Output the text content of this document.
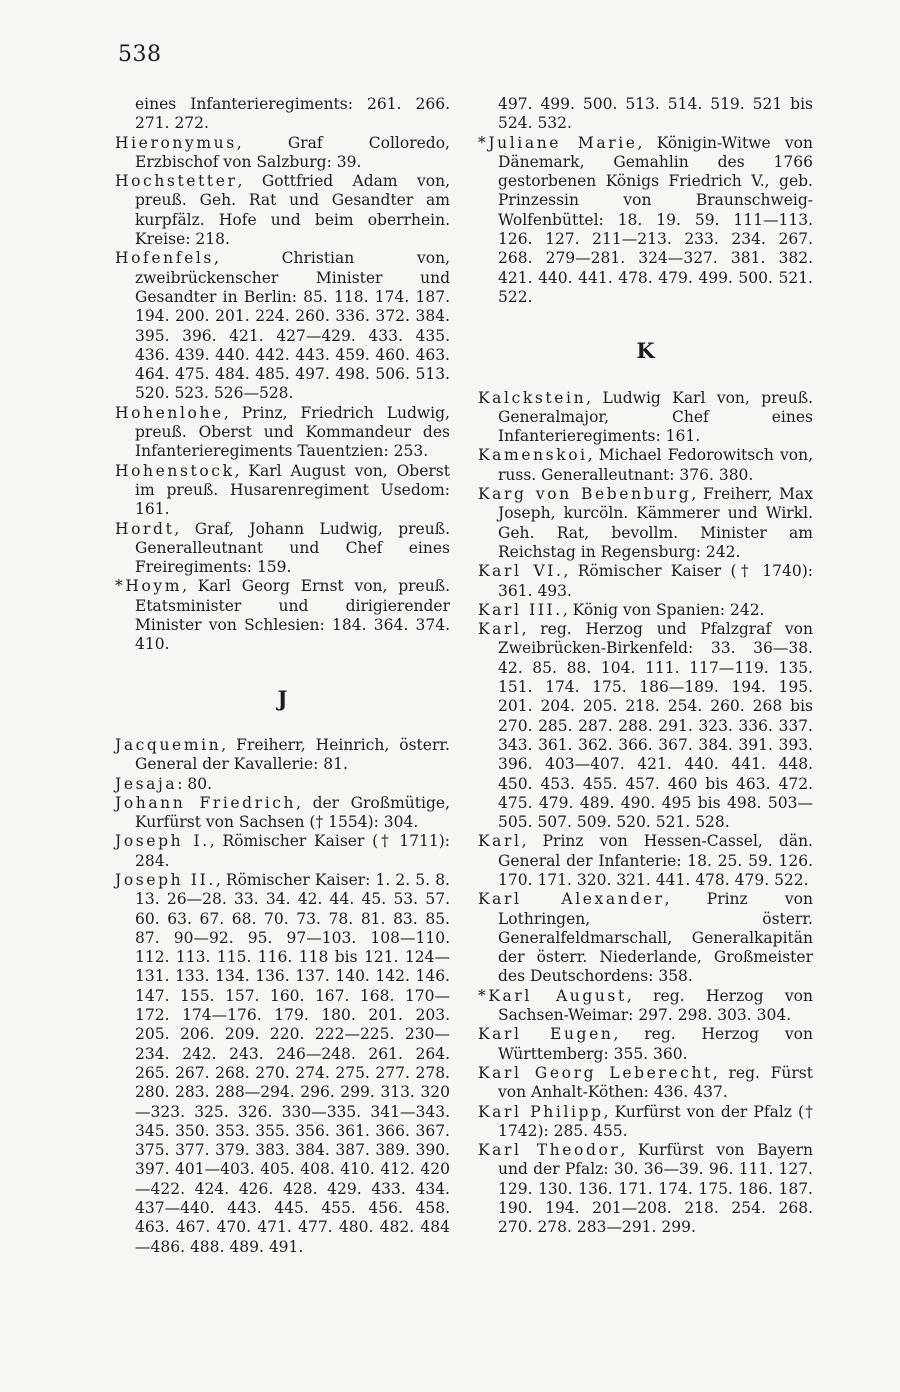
538

eines Infanterieregiments: 261. 266. 271. 272.

Hieronymus, Graf Colloredo, Erzbischof von Salzburg: 39.

Hochstetter, Gottfried Adam von, preuß. Geh. Rat und Gesandter am kurpfälz. Hofe und beim oberrhein. Kreise: 218.

Hofenfels, Christian von, zweibrückenscher Minister und Gesandter in Berlin: 85. 118. 174. 187. 194. 200. 201. 224. 260. 336. 372. 384. 395. 396. 421. 427—429. 433. 435. 436. 439. 440. 442. 443. 459. 460. 463. 464. 475. 484. 485. 497. 498. 506. 513. 520. 523. 526—528.

Hohenlohe, Prinz, Friedrich Ludwig, preuß. Oberst und Kommandeur des Infanterieregiments Tauentzien: 253.

Hohenstock, Karl August von, Oberst im preuß. Husarenregiment Usedom: 161.

Hordt, Graf, Johann Ludwig, preuß. Generalleutnant und Chef eines Freiregiments: 159.

*Hoym, Karl Georg Ernst von, preuß. Etatsminister und dirigierender Minister von Schlesien: 184. 364. 374. 410.

J

Jacquemin, Freiherr, Heinrich, österr. General der Kavallerie: 81.

Jesaja: 80.

Johann Friedrich, der Großmütige, Kurfürst von Sachsen († 1554): 304.

Joseph I., Römischer Kaiser († 1711): 284.

Joseph II., Römischer Kaiser: 1. 2. 5. 8. 13. 26—28. 33. 34. 42. 44. 45. 53. 57. 60. 63. 67. 68. 70. 73. 78. 81. 83. 85. 87. 90—92. 95. 97—103. 108—110. 112. 113. 115. 116. 118 bis 121. 124—131. 133. 134. 136. 137. 140. 142. 146. 147. 155. 157. 160. 167. 168. 170—172. 174—176. 179. 180. 201. 203. 205. 206. 209. 220. 222—225. 230—234. 242. 243. 246—248. 261. 264. 265. 267. 268. 270. 274. 275. 277. 278. 280. 283. 288—294. 296. 299. 313. 320—323. 325. 326. 330—335. 341—343. 345. 350. 353. 355. 356. 361. 366. 367. 375. 377. 379. 383. 384. 387. 389. 390. 397. 401—403. 405. 408. 410. 412. 420—422. 424. 426. 428. 429. 433. 434. 437—440. 443. 445. 455. 456. 458. 463. 467. 470. 471. 477. 480. 482. 484—486. 488. 489. 491.

497. 499. 500. 513. 514. 519. 521 bis 524. 532.

*Juliane Marie, Königin-Witwe von Dänemark, Gemahlin des 1766 gestorbenen Königs Friedrich V., geb. Prinzessin von Braunschweig-Wolfenbüttel: 18. 19. 59. 111—113. 126. 127. 211—213. 233. 234. 267. 268. 279—281. 324—327. 381. 382. 421. 440. 441. 478. 479. 499. 500. 521. 522.

K

Kalckstein, Ludwig Karl von, preuß. Generalmajor, Chef eines Infanterieregiments: 161.

Kamenskoi, Michael Fedorowitsch von, russ. Generalleutnant: 376. 380.

Karg von Bebenburg, Freiherr, Max Joseph, kurcöln. Kämmerer und Wirkl. Geh. Rat, bevollm. Minister am Reichstag in Regensburg: 242.

Karl VI., Römischer Kaiser († 1740): 361. 493.

Karl III., König von Spanien: 242.

Karl, reg. Herzog und Pfalzgraf von Zweibrücken-Birkenfeld: 33. 36—38. 42. 85. 88. 104. 111. 117—119. 135. 151. 174. 175. 186—189. 194. 195. 201. 204. 205. 218. 254. 260. 268 bis 270. 285. 287. 288. 291. 323. 336. 337. 343. 361. 362. 366. 367. 384. 391. 393. 396. 403—407. 421. 440. 441. 448. 450. 453. 455. 457. 460 bis 463. 472. 475. 479. 489. 490. 495 bis 498. 503—505. 507. 509. 520. 521. 528.

Karl, Prinz von Hessen-Cassel, dän. General der Infanterie: 18. 25. 59. 126. 170. 171. 320. 321. 441. 478. 479. 522.

Karl Alexander, Prinz von Lothringen, österr. Generalfeldmarschall, Generalkapitän der österr. Niederlande, Großmeister des Deutschordens: 358.

*Karl August, reg. Herzog von Sachsen-Weimar: 297. 298. 303. 304.

Karl Eugen, reg. Herzog von Württemberg: 355. 360.

Karl Georg Leberecht, reg. Fürst von Anhalt-Köthen: 436. 437.

Karl Philipp, Kurfürst von der Pfalz († 1742): 285. 455.

Karl Theodor, Kurfürst von Bayern und der Pfalz: 30. 36—39. 96. 111. 127. 129. 130. 136. 171. 174. 175. 186. 187. 190. 194. 201—208. 218. 254. 268. 270. 278. 283—291. 299.
